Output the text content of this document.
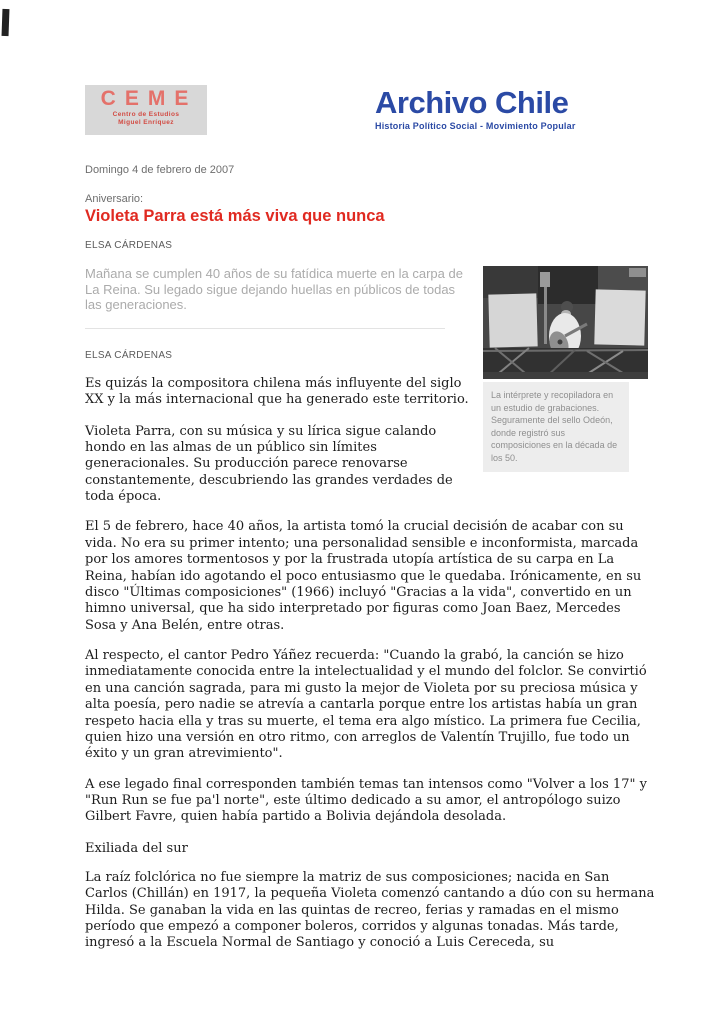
CEME
Centro de Estudios
Miguel Enríquez
Archivo Chile
Historia Político Social - Movimiento Popular
Domingo 4 de febrero de 2007
Aniversario:
Violeta Parra está más viva que nunca
ELSA CÁRDENAS

Mañana se cumplen 40 años de su fatídica muerte en la carpa de La Reina. Su legado sigue dejando huellas en públicos de todas las generaciones.

ELSA CÁRDENAS

Es quizás la compositora chilena más influyente del siglo XX y la más internacional que ha generado este territorio.

Violeta Parra, con su música y su lírica sigue calando hondo en las almas de un público sin límites generacionales. Su producción parece renovarse constantemente, descubriendo las grandes verdades de toda época.

La intérprete y recopiladora en un estudio de grabaciones. Seguramente del sello Odeón, donde registró sus composiciones en la década de los 50.

El 5 de febrero, hace 40 años, la artista tomó la crucial decisión de acabar con su vida. No era su primer intento; una personalidad sensible e inconformista, marcada por los amores tormentosos y por la frustrada utopía artística de su carpa en La Reina, habían ido agotando el poco entusiasmo que le quedaba. Irónicamente, en su disco "Últimas composiciones" (1966) incluyó "Gracias a la vida", convertido en un himno universal, que ha sido interpretado por figuras como Joan Baez, Mercedes Sosa y Ana Belén, entre otras.

Al respecto, el cantor Pedro Yáñez recuerda: "Cuando la grabó, la canción se hizo inmediatamente conocida entre la intelectualidad y el mundo del folclor. Se convirtió en una canción sagrada, para mi gusto la mejor de Violeta por su preciosa música y alta poesía, pero nadie se atrevía a cantarla porque entre los artistas había un gran respeto hacia ella y tras su muerte, el tema era algo místico. La primera fue Cecilia, quien hizo una versión en otro ritmo, con arreglos de Valentín Trujillo, fue todo un éxito y un gran atrevimiento".

A ese legado final corresponden también temas tan intensos como "Volver a los 17" y "Run Run se fue pa'l norte", este último dedicado a su amor, el antropólogo suizo Gilbert Favre, quien había partido a Bolivia dejándola desolada.

Exiliada del sur

La raíz folclórica no fue siempre la matriz de sus composiciones; nacida en San Carlos (Chillán) en 1917, la pequeña Violeta comenzó cantando a dúo con su hermana Hilda. Se ganaban la vida en las quintas de recreo, ferias y ramadas en el mismo período que empezó a componer boleros, corridos y algunas tonadas. Más tarde, ingresó a la Escuela Normal de Santiago y conoció a Luis Cereceda, su
